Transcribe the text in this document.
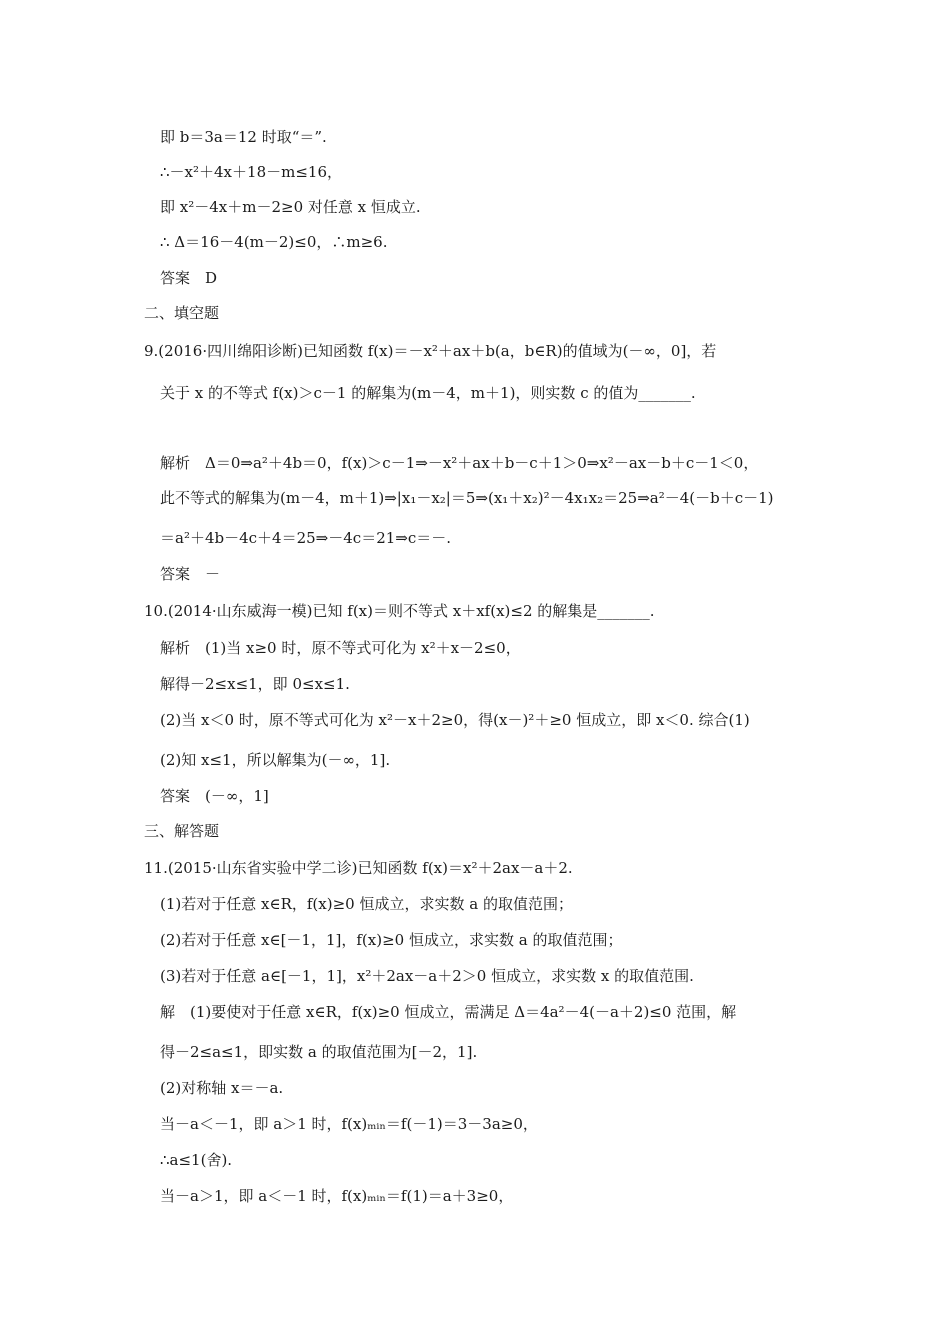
即 b＝3a＝12 时取“＝”.
∴－x²＋4x＋18－m≤16，
即 x²－4x＋m－2≥0 对任意 x 恒成立.
∴ Δ＝16－4(m－2)≤0，∴m≥6.
答案　D
二、填空题
9.(2016·四川绵阳诊断)已知函数 f(x)＝－x²＋ax＋b(a，b∈R)的值域为(－∞，0]，若
关于 x 的不等式 f(x)＞c－1 的解集为(m－4，m＋1)，则实数 c 的值为_______.
解析　Δ＝0⇒a²＋4b＝0，f(x)＞c－1⇒－x²＋ax＋b－c＋1＞0⇒x²－ax－b＋c－1＜0，
此不等式的解集为(m－4，m＋1)⇒|x₁－x₂|＝5⇒(x₁＋x₂)²－4x₁x₂＝25⇒a²－4(－b＋c－1)
＝a²＋4b－4c＋4＝25⇒－4c＝21⇒c＝－.
答案　－
10.(2014·山东威海一模)已知 f(x)＝则不等式 x＋xf(x)≤2 的解集是_______.
解析　(1)当 x≥0 时，原不等式可化为 x²＋x－2≤0，
解得－2≤x≤1，即 0≤x≤1.
(2)当 x＜0 时，原不等式可化为 x²－x＋2≥0，得(x－)²＋≥0 恒成立，即 x＜0. 综合(1)
(2)知 x≤1，所以解集为(－∞，1].
答案　(－∞，1]
三、解答题
11.(2015·山东省实验中学二诊)已知函数 f(x)＝x²＋2ax－a＋2.
(1)若对于任意 x∈R，f(x)≥0 恒成立，求实数 a 的取值范围；
(2)若对于任意 x∈[－1，1]，f(x)≥0 恒成立，求实数 a 的取值范围；
(3)若对于任意 a∈[－1，1]，x²＋2ax－a＋2＞0 恒成立，求实数 x 的取值范围.
解　(1)要使对于任意 x∈R，f(x)≥0 恒成立，需满足 Δ＝4a²－4(－a＋2)≤0 范围，解
得－2≤a≤1，即实数 a 的取值范围为[－2，1].
(2)对称轴 x＝－a.
当－a＜－1，即 a＞1 时，f(x)ₘᵢₙ＝f(－1)＝3－3a≥0，
∴a≤1(舍).
当－a＞1，即 a＜－1 时，f(x)ₘᵢₙ＝f(1)＝a＋3≥0，
